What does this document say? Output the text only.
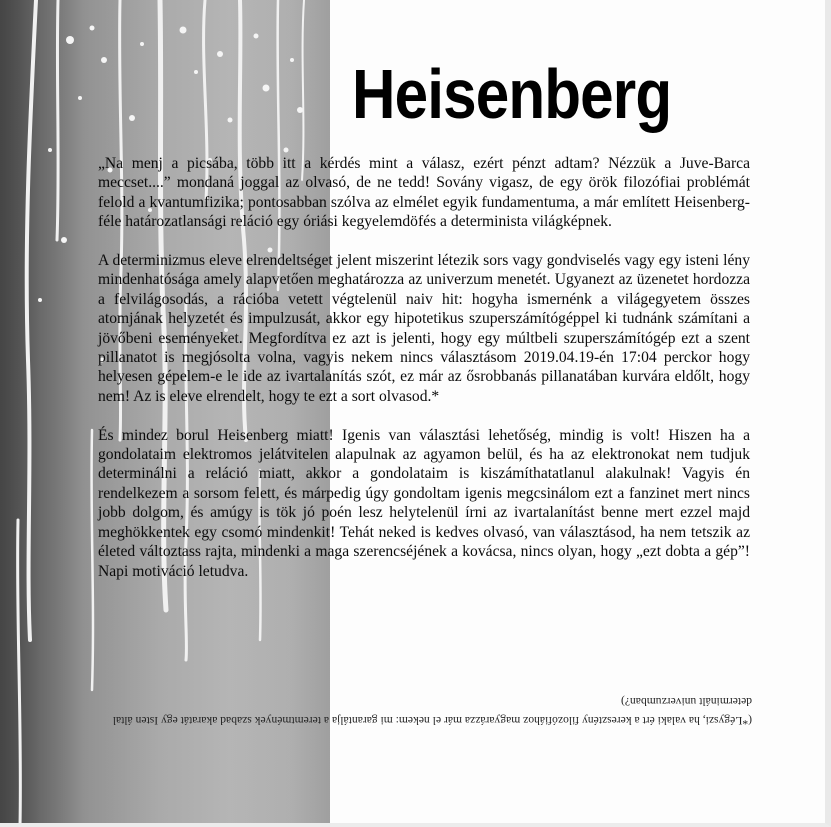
Heisenberg

„Na menj a picsába, több itt a kérdés mint a válasz, ezért pénzt adtam? Nézzük a Juve-Barca meccset....” mondaná joggal az olvasó, de ne tedd! Sovány vigasz, de egy örök filozófiai problémát felold a kvantumfizika; pontosabban szólva az elmélet egyik fundamentuma, a már említett Heisenberg-féle határozatlansági reláció egy óriási kegyelemdöfés a determinista világképnek.

A determinizmus eleve elrendeltséget jelent miszerint létezik sors vagy gondviselés vagy egy isteni lény mindenhatósága amely alapvetően meghatározza az univerzum menetét. Ugyanezt az üzenetet hordozza a felvilágosodás, a rációba vetett végtelenül naiv hit: hogyha ismernénk a világegyetem összes atomjának helyzetét és impulzusát, akkor egy hipotetikus szuperszámítógéppel ki tudnánk számítani a jövőbeni eseményeket. Megfordítva ez azt is jelenti, hogy egy múltbeli szuperszámítógép ezt a szent pillanatot is megjósolta volna, vagyis nekem nincs választásom 2019.04.19-én 17:04 perckor hogy helyesen gépelem-e le ide az ivartalanítás szót, ez már az ősrobbanás pillanatában kurvára eldőlt, hogy nem! Az is eleve elrendelt, hogy te ezt a sort olvasod.*

És mindez borul Heisenberg miatt! Igenis van választási lehetőség, mindig is volt! Hiszen ha a gondolataim elektromos jelátvitelen alapulnak az agyamon belül, és ha az elektronokat nem tudjuk determinálni a reláció miatt, akkor a gondolataim is kiszámíthatatlanul alakulnak! Vagyis én rendelkezem a sorsom felett, és márpedig úgy gondoltam igenis megcsinálom ezt a fanzinet mert nincs jobb dolgom, és amúgy is tök jó poén lesz helytelenül írni az ivartalanítást benne mert ezzel majd meghökkentek egy csomó mindenkit! Tehát neked is kedves olvasó, van választásod, ha nem tetszik az életed változtass rajta, mindenki a maga szerencséjének a kovácsa, nincs olyan, hogy „ezt dobta a gép”! Napi motiváció letudva.

(*Légyszi, ha valaki ért a keresztény filozófiához magyarázza már el nekem: mi garantálja a teremtmények szabad akaratát egy Isten által determinált univerzumban?)
